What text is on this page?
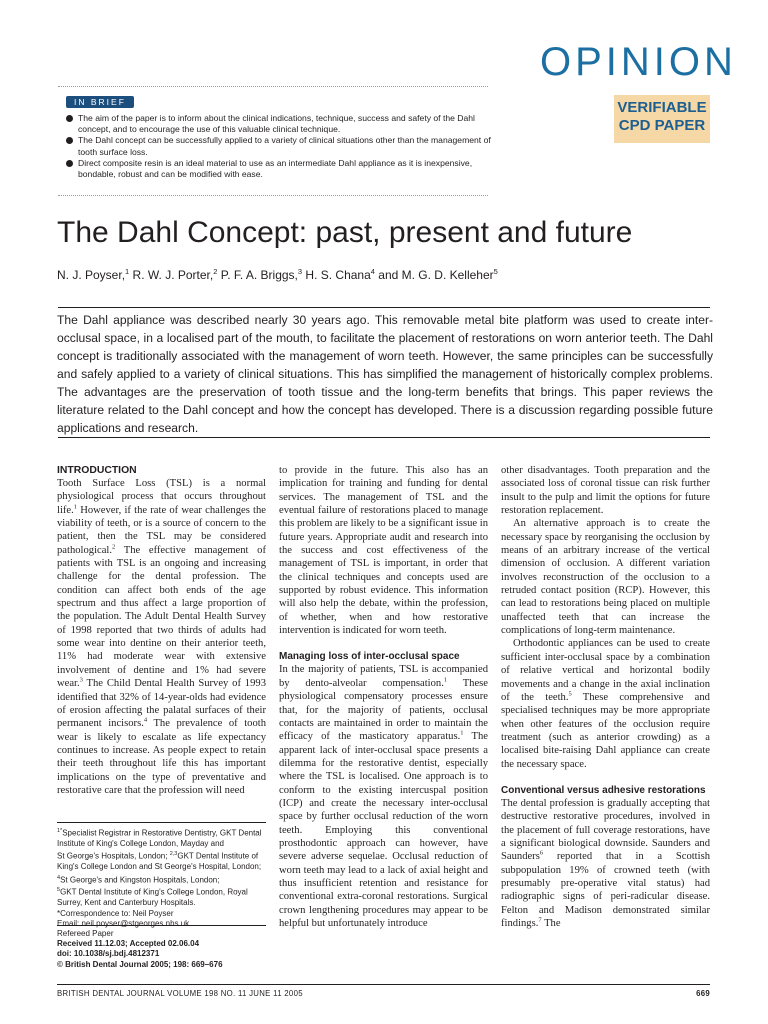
OPINION
VERIFIABLE
CPD PAPER
IN BRIEF
The aim of the paper is to inform about the clinical indications, technique, success and safety of the Dahl concept, and to encourage the use of this valuable clinical technique.
The Dahl concept can be successfully applied to a variety of clinical situations other than the management of tooth surface loss.
Direct composite resin is an ideal material to use as an intermediate Dahl appliance as it is inexpensive, bondable, robust and can be modified with ease.
The Dahl Concept: past, present and future
N. J. Poyser,$^1$ R. W. J. Porter,$^2$ P. F. A. Briggs,$^3$ H. S. Chana$^4$ and M. G. D. Kelleher$^5$
The Dahl appliance was described nearly 30 years ago. This removable metal bite platform was used to create inter-occlusal space, in a localised part of the mouth, to facilitate the placement of restorations on worn anterior teeth. The Dahl concept is traditionally associated with the management of worn teeth. However, the same principles can be successfully and safely applied to a variety of clinical situations. This has simplified the management of historically complex problems. The advantages are the preservation of tooth tissue and the long-term benefits that brings. This paper reviews the literature related to the Dahl concept and how the concept has developed. There is a discussion regarding possible future applications and research.
INTRODUCTION

Tooth Surface Loss (TSL) is a normal physiological process that occurs throughout life.$^1$ However, if the rate of wear challenges the viability of teeth, or is a source of concern to the patient, then the TSL may be considered pathological.$^2$ The effective management of patients with TSL is an ongoing and increasing challenge for the dental profession. The condition can affect both ends of the age spectrum and thus affect a large proportion of the population. The Adult Dental Health Survey of 1998 reported that two thirds of adults had some wear into dentine on their anterior teeth, 11% had moderate wear with extensive involvement of dentine and 1% had severe wear.$^3$ The Child Dental Health Survey of 1993 identified that 32% of 14-year-olds had evidence of erosion affecting the palatal surfaces of their permanent incisors.$^4$ The prevalence of tooth wear is likely to escalate as life expectancy continues to increase. As people expect to retain their teeth throughout life this has important implications on the type of preventative and restorative care that the profession will need

to provide in the future. This also has an implication for training and funding for dental services. The management of TSL and the eventual failure of restorations placed to manage this problem are likely to be a significant issue in future years. Appropriate audit and research into the success and cost effectiveness of the management of TSL is important, in order that the clinical techniques and concepts used are supported by robust evidence. This information will also help the debate, within the profession, of whether, when and how restorative intervention is indicated for worn teeth.

Managing loss of inter-occlusal space

In the majority of patients, TSL is accompanied by dento-alveolar compensation.$^1$ These physiological compensatory processes ensure that, for the majority of patients, occlusal contacts are maintained in order to maintain the efficacy of the masticatory apparatus.$^1$ The apparent lack of inter-occlusal space presents a dilemma for the restorative dentist, especially where the TSL is localised. One approach is to conform to the existing intercuspal position (ICP) and create the necessary inter-occlusal space by further occlusal reduction of the worn teeth. Employing this conventional prosthodontic approach can however, have severe adverse sequelae. Occlusal reduction of worn teeth may lead to a lack of axial height and thus insufficient retention and resistance for conventional extra-coronal restorations. Surgical crown lengthening procedures may appear to be helpful but unfortunately introduce

other disadvantages. Tooth preparation and the associated loss of coronal tissue can risk further insult to the pulp and limit the options for future restoration replacement.

An alternative approach is to create the necessary space by reorganising the occlusion by means of an arbitrary increase of the vertical dimension of occlusion. A different variation involves reconstruction of the occlusion to a retruded contact position (RCP). However, this can lead to restorations being placed on multiple unaffected teeth that can increase the complications of long-term maintenance.

Orthodontic appliances can be used to create sufficient inter-occlusal space by a combination of relative vertical and horizontal bodily movements and a change in the axial inclination of the teeth.$^5$ These comprehensive and specialised techniques may be more appropriate when other features of the occlusion require treatment (such as anterior crowding) as a localised bite-raising Dahl appliance can create the necessary space.

Conventional versus adhesive restorations

The dental profession is gradually accepting that destructive restorative procedures, involved in the placement of full coverage restorations, have a significant biological downside. Saunders and Saunders$^6$ reported that in a Scottish subpopulation 19% of crowned teeth (with presumably pre-operative vital status) had radiographic signs of peri-radicular disease. Felton and Madison demonstrated similar findings.$^7$ The

$^{1*}$Specialist Registrar in Restorative Dentistry, GKT Dental Institute of King's College London, Mayday and
St George's Hospitals, London; $^{2,3}$GKT Dental Institute of King's College London and St George's Hospital, London;
$^4$St George's and Kingston Hospitals, London;
$^5$GKT Dental Institute of King's College London, Royal Surrey, Kent and Canterbury Hospitals.
*Correspondence to: Neil Poyser
Email: neil.poyser@stgeorges.nhs.uk
Refereed Paper
Received 11.12.03; Accepted 02.06.04
doi: 10.1038/sj.bdj.4812371
© British Dental Journal 2005; 198: 669–676
BRITISH DENTAL JOURNAL VOLUME 198 NO. 11 JUNE 11 2005	669
